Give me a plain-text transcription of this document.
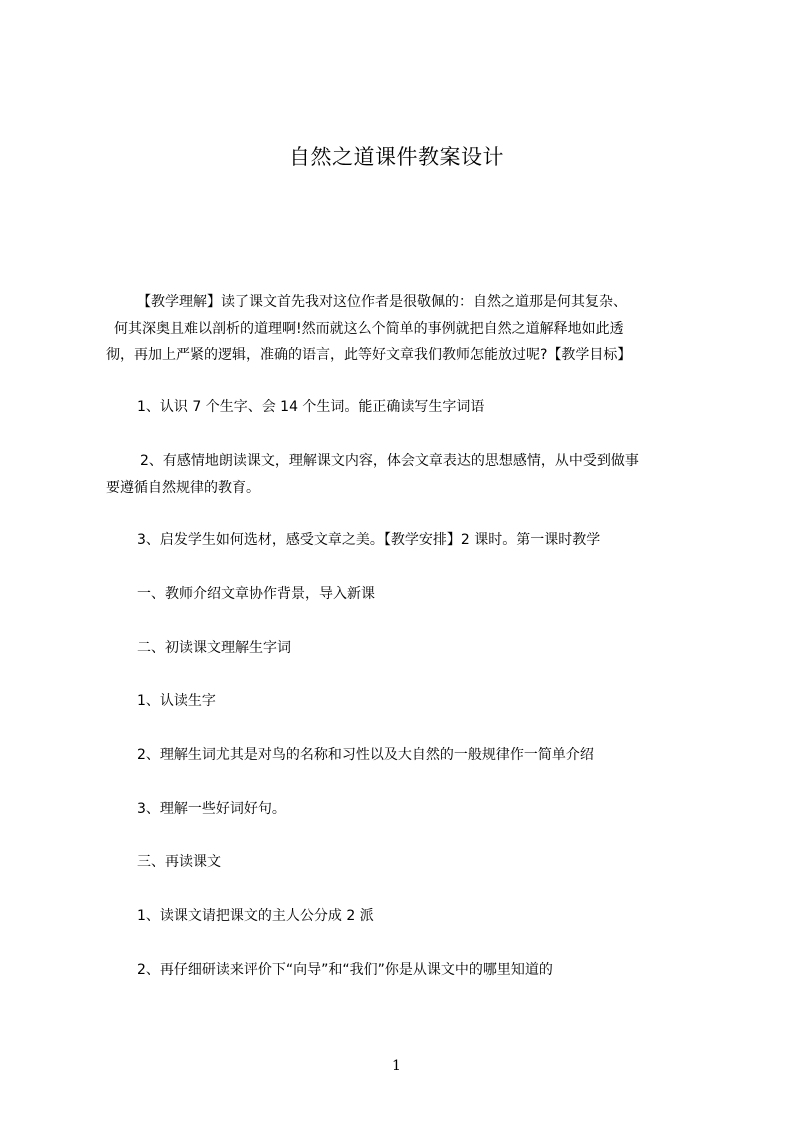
自然之道课件教案设计
【教学理解】读了课文首先我对这位作者是很敬佩的：自然之道那是何其复杂、
何其深奥且难以剖析的道理啊!然而就这么个简单的事例就把自然之道解释地如此透
彻，再加上严紧的逻辑，准确的语言，此等好文章我们教师怎能放过呢?【教学目标】
1、认识 7 个生字、会 14 个生词。能正确读写生字词语
2、有感情地朗读课文，理解课文内容，体会文章表达的思想感情，从中受到做事
要遵循自然规律的教育。
3、启发学生如何选材，感受文章之美。【教学安排】2 课时。第一课时教学
一、教师介绍文章协作背景，导入新课
二、初读课文理解生字词
1、认读生字
2、理解生词尤其是对鸟的名称和习性以及大自然的一般规律作一简单介绍
3、理解一些好词好句。
三、再读课文
1、读课文请把课文的主人公分成 2 派
2、再仔细研读来评价下“向导”和“我们”你是从课文中的哪里知道的
1
